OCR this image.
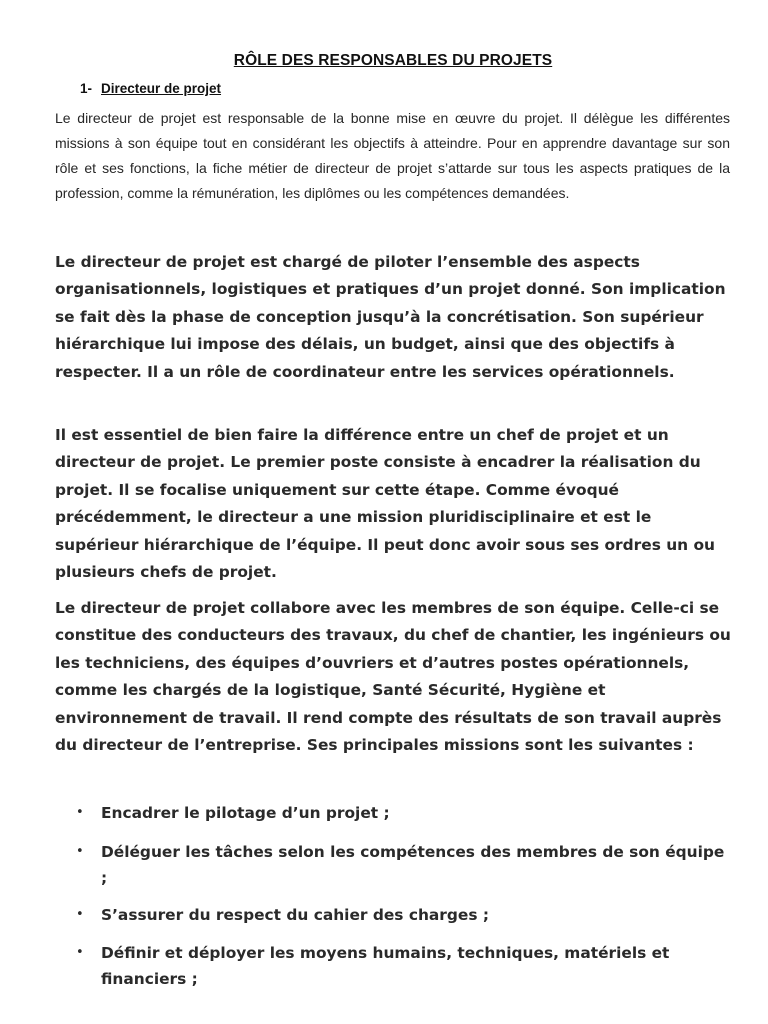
RÔLE DES RESPONSABLES DU PROJETS
1- Directeur de projet

Le directeur de projet est responsable de la bonne mise en œuvre du projet. Il délègue les différentes missions à son équipe tout en considérant les objectifs à atteindre. Pour en apprendre davantage sur son rôle et ses fonctions, la fiche métier de directeur de projet s’attarde sur tous les aspects pratiques de la profession, comme la rémunération, les diplômes ou les compétences demandées.

Le directeur de projet est chargé de piloter l’ensemble des aspects organisationnels, logistiques et pratiques d’un projet donné. Son implication se fait dès la phase de conception jusqu’à la concrétisation. Son supérieur hiérarchique lui impose des délais, un budget, ainsi que des objectifs à respecter. Il a un rôle de coordinateur entre les services opérationnels.

Il est essentiel de bien faire la différence entre un chef de projet et un directeur de projet. Le premier poste consiste à encadrer la réalisation du projet. Il se focalise uniquement sur cette étape. Comme évoqué précédemment, le directeur a une mission pluridisciplinaire et est le supérieur hiérarchique de l’équipe. Il peut donc avoir sous ses ordres un ou plusieurs chefs de projet.

Le directeur de projet collabore avec les membres de son équipe. Celle-ci se constitue des conducteurs des travaux, du chef de chantier, les ingénieurs ou les techniciens, des équipes d’ouvriers et d’autres postes opérationnels, comme les chargés de la logistique, Santé Sécurité, Hygiène et environnement de travail. Il rend compte des résultats de son travail auprès du directeur de l’entreprise. Ses principales missions sont les suivantes :

• Encadrer le pilotage d’un projet ;
• Déléguer les tâches selon les compétences des membres de son équipe ;
• S’assurer du respect du cahier des charges ;
• Définir et déployer les moyens humains, techniques, matériels et financiers ;
